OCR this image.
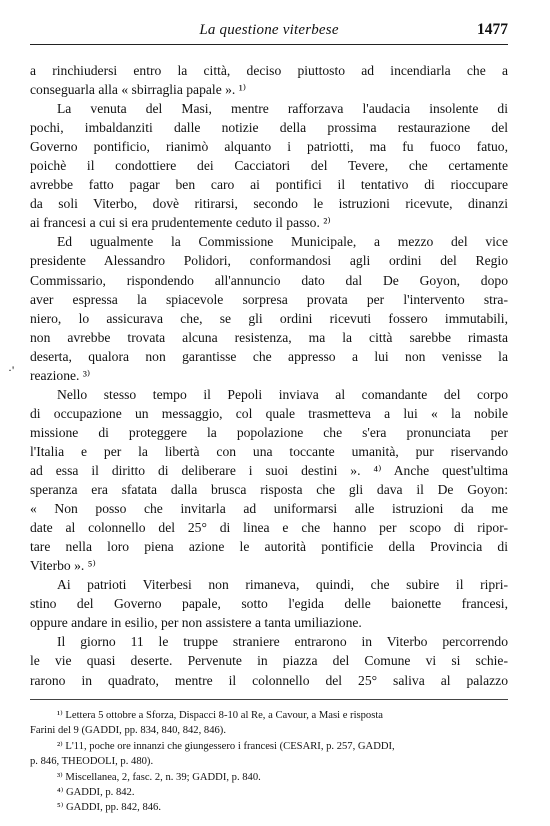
La questione viterbese	1477
·'
a rinchiudersi entro la città, deciso piuttosto ad incendiarla che a
conseguarla alla « sbirraglia papale ». ¹⁾
La venuta del Masi, mentre rafforzava l'audacia insolente di
pochi, imbaldanziti dalle notizie della prossima restaurazione del
Governo pontificio, rianimò alquanto i patriotti, ma fu fuoco fatuo,
poichè il condottiere dei Cacciatori del Tevere, che certamente
avrebbe fatto pagar ben caro ai pontifici il tentativo di rioccupare
da soli Viterbo, dovè ritirarsi, secondo le istruzioni ricevute, dinanzi
ai francesi a cui si era prudentemente ceduto il passo. ²⁾
Ed ugualmente la Commissione Municipale, a mezzo del vice
presidente Alessandro Polidori, conformandosi agli ordini del Regio
Commissario, rispondendo all'annuncio dato dal De Goyon, dopo
aver espressa la spiacevole sorpresa provata per l'intervento stra-
niero, lo assicurava che, se gli ordini ricevuti fossero immutabili,
non avrebbe trovata alcuna resistenza, ma la città sarebbe rimasta
deserta, qualora non garantisse che appresso a lui non venisse la
reazione. ³⁾
Nello stesso tempo il Pepoli inviava al comandante del corpo
di occupazione un messaggio, col quale trasmetteva a lui « la nobile
missione di proteggere la popolazione che s'era pronunciata per
l'Italia e per la libertà con una toccante umanità, pur riservando
ad essa il diritto di deliberare i suoi destini ». ⁴⁾ Anche quest'ultima
speranza era sfatata dalla brusca risposta che gli dava il De Goyon:
« Non posso che invitarla ad uniformarsi alle istruzioni da me
date al colonnello del 25° di linea e che hanno per scopo di ripor-
tare nella loro piena azione le autorità pontificie della Provincia di
Viterbo ». ⁵⁾
Ai patrioti Viterbesi non rimaneva, quindi, che subire il ripri-
stino del Governo papale, sotto l'egida delle baionette francesi,
oppure andare in esilio, per non assistere a tanta umiliazione.
Il giorno 11 le truppe straniere entrarono in Viterbo percorrendo
le vie quasi deserte. Pervenute in piazza del Comune vi si schie-
rarono in quadrato, mentre il colonnello del 25° saliva al palazzo
¹⁾ Lettera 5 ottobre a Sforza, Dispacci 8-10 al Re, a Cavour, a Masi e risposta
Farini del 9 (GADDI, pp. 834, 840, 842, 846).
²⁾ L'11, poche ore innanzi che giungessero i francesi (CESARI, p. 257, GADDI,
p. 846, THEODOLI, p. 480).
³⁾ Miscellanea, 2, fasc. 2, n. 39; GADDI, p. 840.
⁴⁾ GADDI, p. 842.
⁵⁾ GADDI, pp. 842, 846.
